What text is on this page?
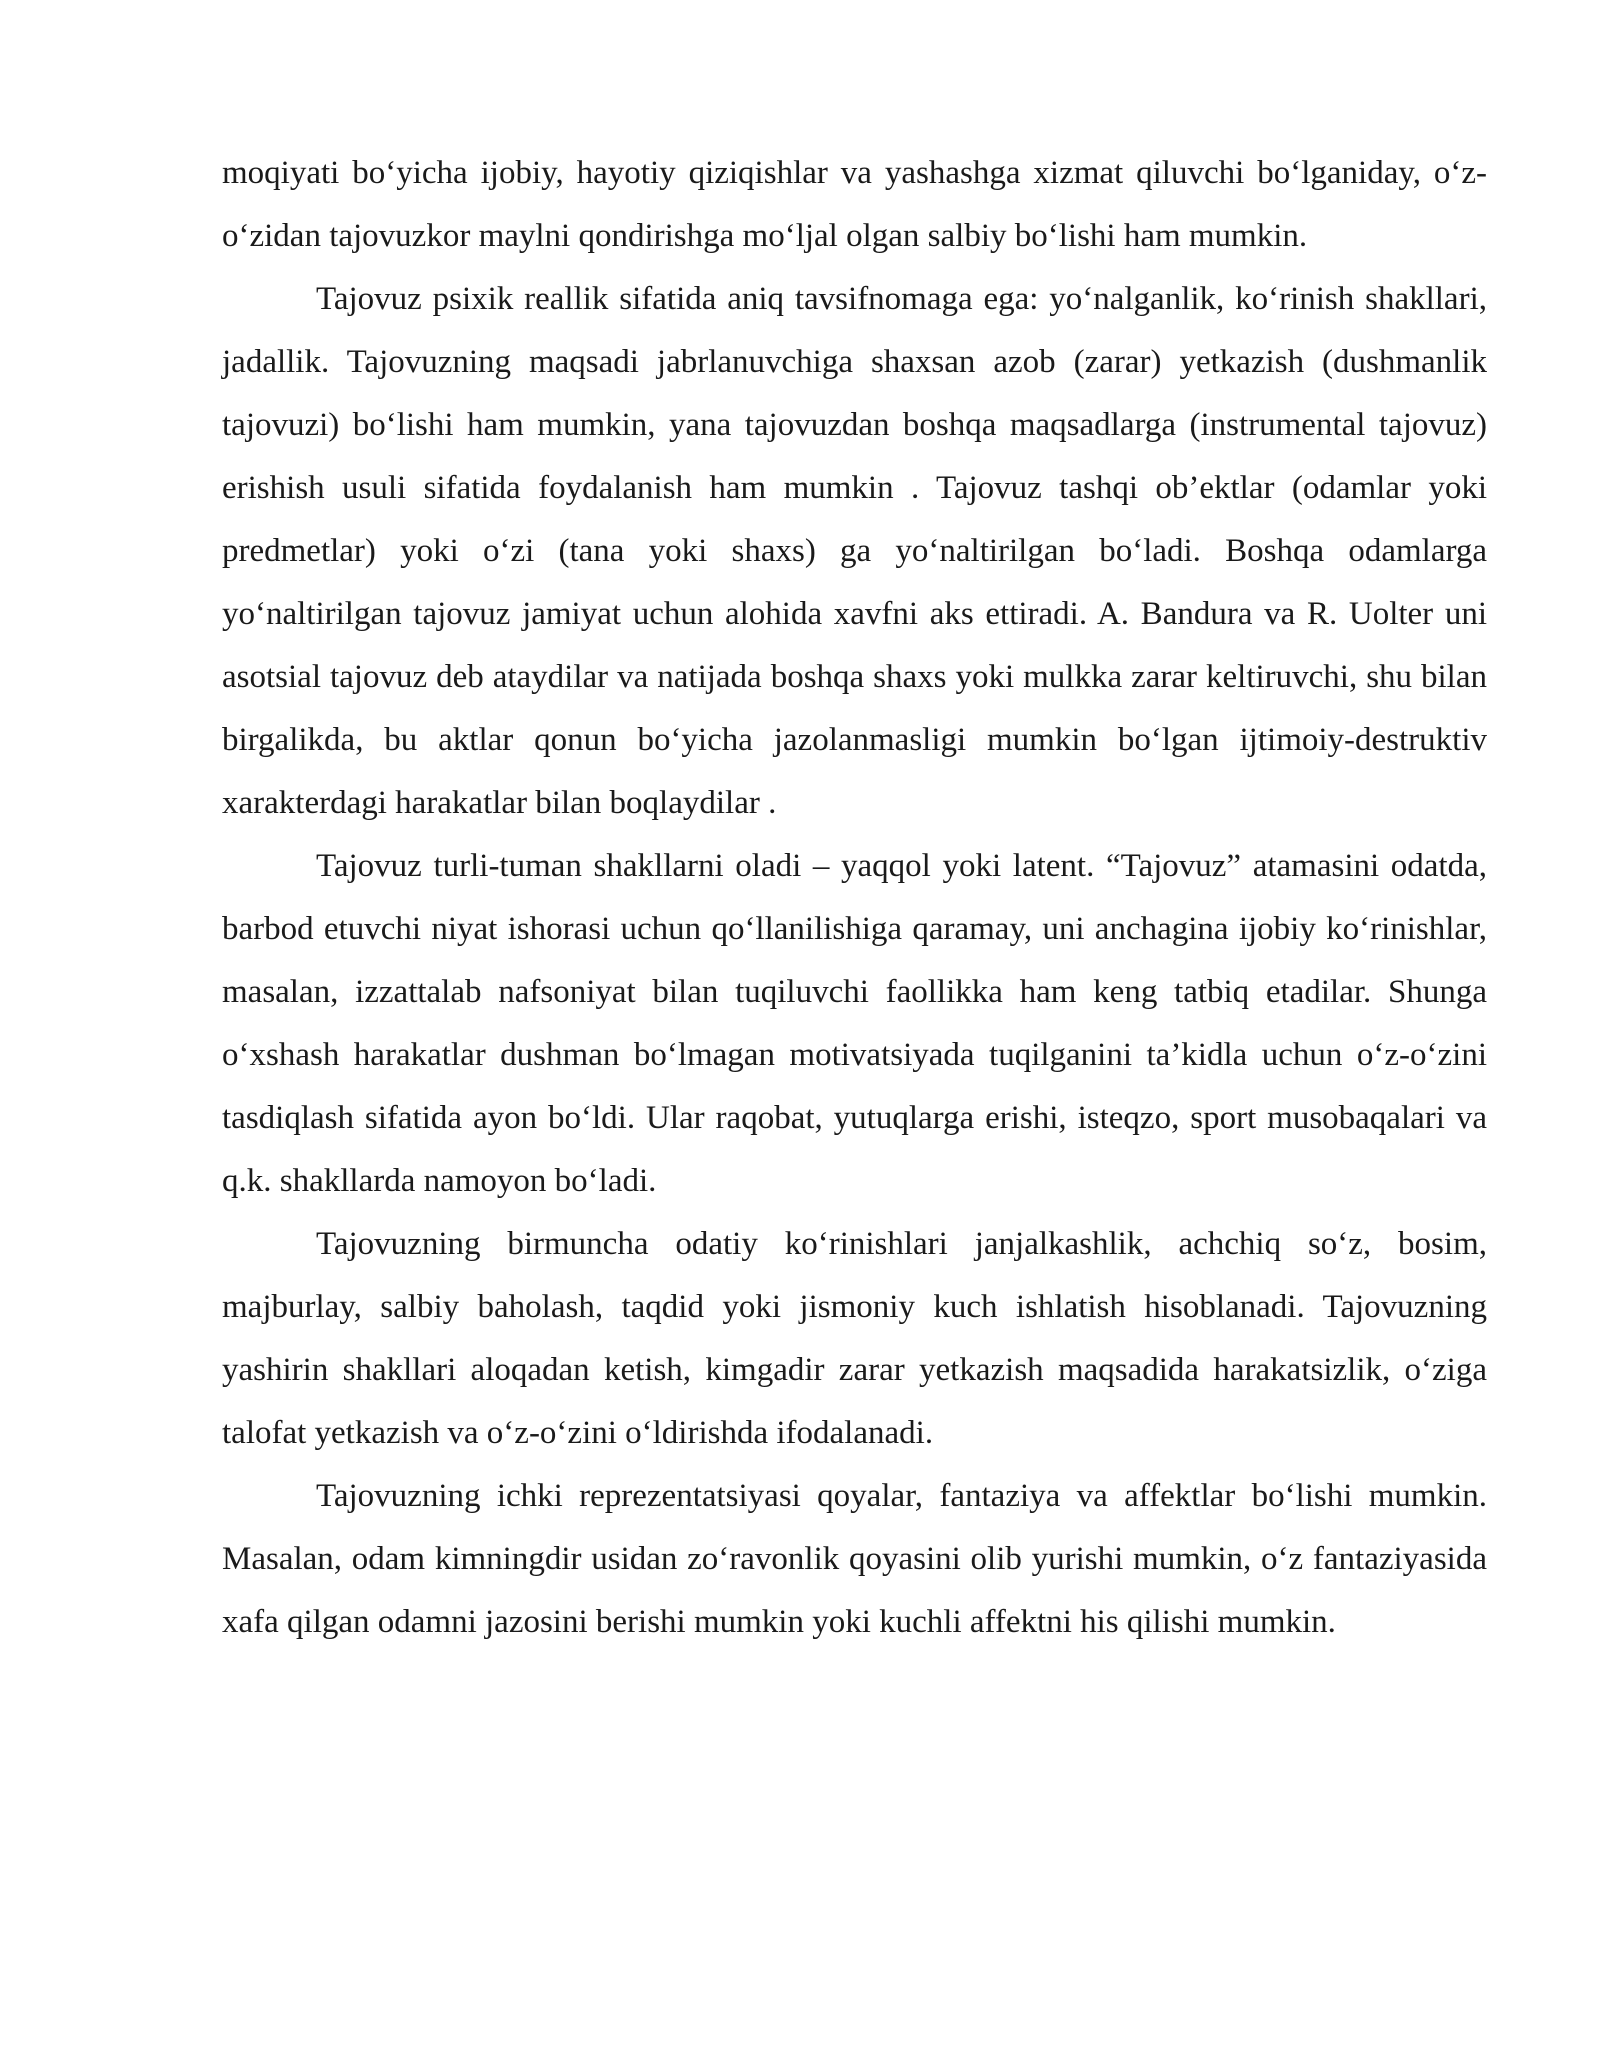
moqiyati bo‘yicha ijobiy, hayotiy qiziqishlar va yashashga xizmat qiluvchi bo‘lganiday, o‘z-o‘zidan tajovuzkor maylni qondirishga mo‘ljal olgan salbiy bo‘lishi ham mumkin.

Tajovuz psixik reallik sifatida aniq tavsifnomaga ega: yo‘nalganlik, ko‘rinish shakllari, jadallik. Tajovuzning maqsadi jabrlanuvchiga shaxsan azob (zarar) yetkazish (dushmanlik tajovuzi) bo‘lishi ham mumkin, yana tajovuzdan boshqa maqsadlarga (instrumental tajovuz) erishish usuli sifatida foydalanish ham mumkin . Tajovuz tashqi ob’ektlar (odamlar yoki predmetlar) yoki o‘zi (tana yoki shaxs) ga yo‘naltirilgan bo‘ladi. Boshqa odamlarga yo‘naltirilgan tajovuz jamiyat uchun alohida xavfni aks ettiradi. A. Bandura va R. Uolter uni asotsial tajovuz deb ataydilar va natijada boshqa shaxs yoki mulkka zarar keltiruvchi, shu bilan birgalikda, bu aktlar qonun bo‘yicha jazolanmasligi mumkin bo‘lgan ijtimoiy-destruktiv xarakterdagi harakatlar bilan boqlaydilar .

Tajovuz turli-tuman shakllarni oladi – yaqqol yoki latent. “Tajovuz” atamasini odatda, barbod etuvchi niyat ishorasi uchun qo‘llanilishiga qaramay, uni anchagina ijobiy ko‘rinishlar, masalan, izzattalab nafsoniyat bilan tuqiluvchi faollikka ham keng tatbiq etadilar. Shunga o‘xshash harakatlar dushman bo‘lmagan motivatsiyada tuqilganini ta’kidla uchun o‘z-o‘zini tasdiqlash sifatida ayon bo‘ldi. Ular raqobat, yutuqlarga erishi, isteqzo, sport musobaqalari va q.k. shakllarda namoyon bo‘ladi.

Tajovuzning birmuncha odatiy ko‘rinishlari janjalkashlik, achchiq so‘z, bosim, majburlay, salbiy baholash, taqdid yoki jismoniy kuch ishlatish hisoblanadi. Tajovuzning yashirin shakllari aloqadan ketish, kimgadir zarar yetkazish maqsadida harakatsizlik, o‘ziga talofat yetkazish va o‘z-o‘zini o‘ldirishda ifodalanadi.

Tajovuzning ichki reprezentatsiyasi qoyalar, fantaziya va affektlar bo‘lishi mumkin. Masalan, odam kimningdir usidan zo‘ravonlik qoyasini olib yurishi mumkin, o‘z fantaziyasida xafa qilgan odamni jazosini berishi mumkin yoki kuchli affektni his qilishi mumkin.
